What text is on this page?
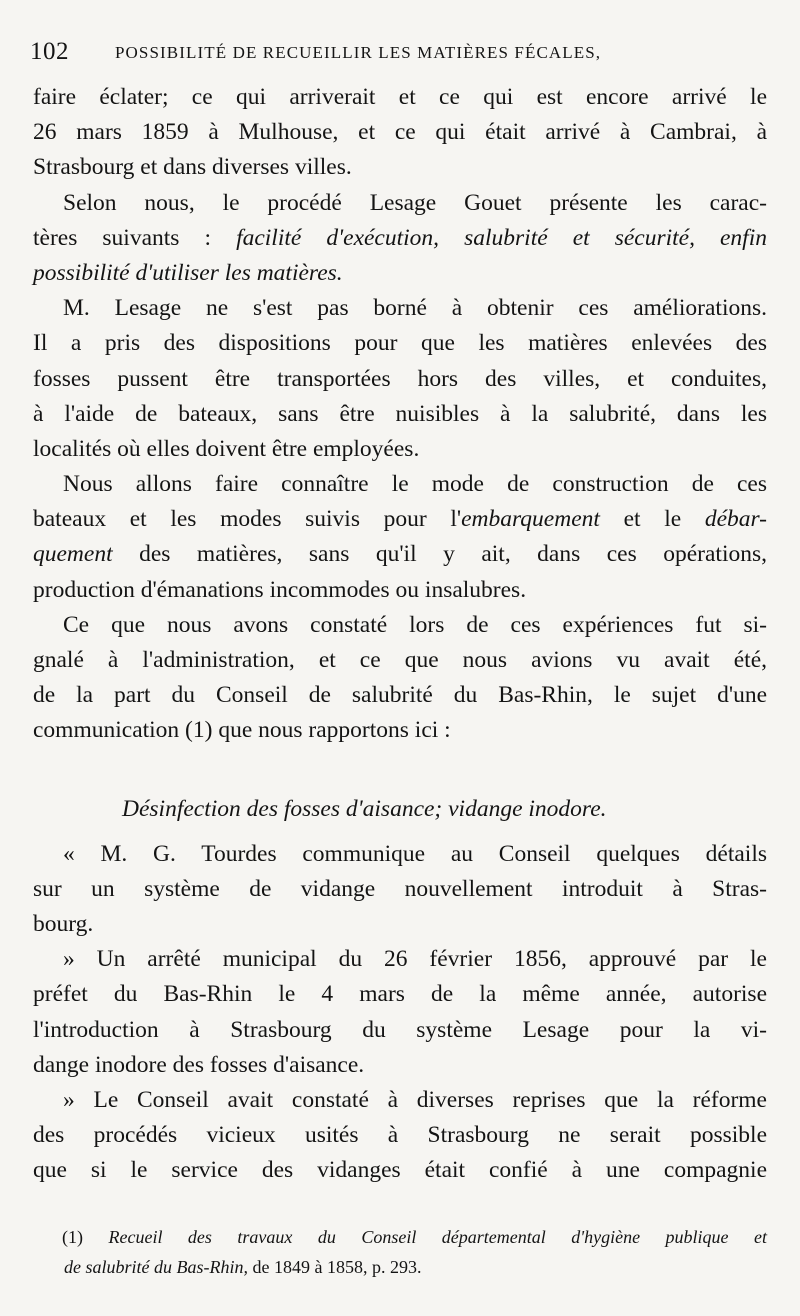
102	POSSIBILITÉ DE RECUEILLIR LES MATIÈRES FÉCALES,
faire éclater; ce qui arriverait et ce qui est encore arrivé le
26 mars 1859 à Mulhouse, et ce qui était arrivé à Cambrai, à
Strasbourg et dans diverses villes.
Selon nous, le procédé Lesage Gouet présente les carac-
tères suivants : facilité d'exécution, salubrité et sécurité, enfin
possibilité d'utiliser les matières.
M. Lesage ne s'est pas borné à obtenir ces améliorations.
Il a pris des dispositions pour que les matières enlevées des
fosses pussent être transportées hors des villes, et conduites,
à l'aide de bateaux, sans être nuisibles à la salubrité, dans les
localités où elles doivent être employées.
Nous allons faire connaître le mode de construction de ces
bateaux et les modes suivis pour l'embarquement et le débar-
quement des matières, sans qu'il y ait, dans ces opérations,
production d'émanations incommodes ou insalubres.
Ce que nous avons constaté lors de ces expériences fut si-
gnalé à l'administration, et ce que nous avions vu avait été,
de la part du Conseil de salubrité du Bas-Rhin, le sujet d'une
communication (1) que nous rapportons ici :
Désinfection des fosses d'aisance; vidange inodore.
« M. G. Tourdes communique au Conseil quelques détails
sur un système de vidange nouvellement introduit à Stras-
bourg.
» Un arrêté municipal du 26 février 1856, approuvé par le
préfet du Bas-Rhin le 4 mars de la même année, autorise
l'introduction à Strasbourg du système Lesage pour la vi-
dange inodore des fosses d'aisance.
» Le Conseil avait constaté à diverses reprises que la réforme
des procédés vicieux usités à Strasbourg ne serait possible
que si le service des vidanges était confié à une compagnie
(1) Recueil des travaux du Conseil départemental d'hygiène publique et
de salubrité du Bas-Rhin, de 1849 à 1858, p. 293.
